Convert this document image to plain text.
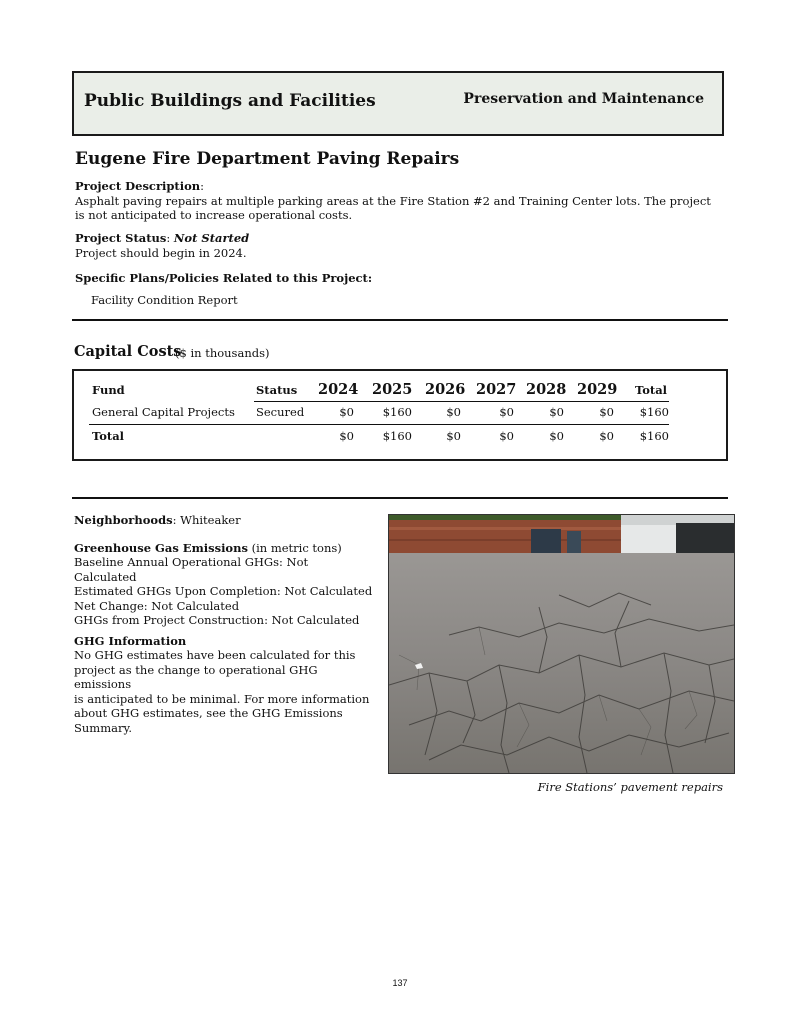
Public Buildings and Facilities	Preservation and Maintenance
Eugene Fire Department Paving Repairs
Project Description:
Asphalt paving repairs at multiple parking areas at the Fire Station #2 and Training Center lots. The project is not anticipated to increase operational costs.
Project Status: Not Started
Project should begin in 2024.
Specific Plans/Policies Related to this Project:
Facility Condition Report
Capital Costs
($ in thousands)
Fund	Status 2024 2025 2026 2027 2028 2029 Total
General Capital Projects Secured	$0 $160	$0	$0	$0	$0 $160
Total	$0 $160	$0	$0	$0	$0 $160
Neighborhoods: Whiteaker
Greenhouse Gas Emissions (in metric tons)
Baseline Annual Operational GHGs: Not Calculated
Estimated GHGs Upon Completion: Not Calculated
Net Change: Not Calculated
GHGs from Project Construction: Not Calculated
GHG Information
No GHG estimates have been calculated for this
project as the change to operational GHG emissions
is anticipated to be minimal. For more information
about GHG estimates, see the GHG Emissions
Summary.
Fire Stations’ pavement repairs
137
